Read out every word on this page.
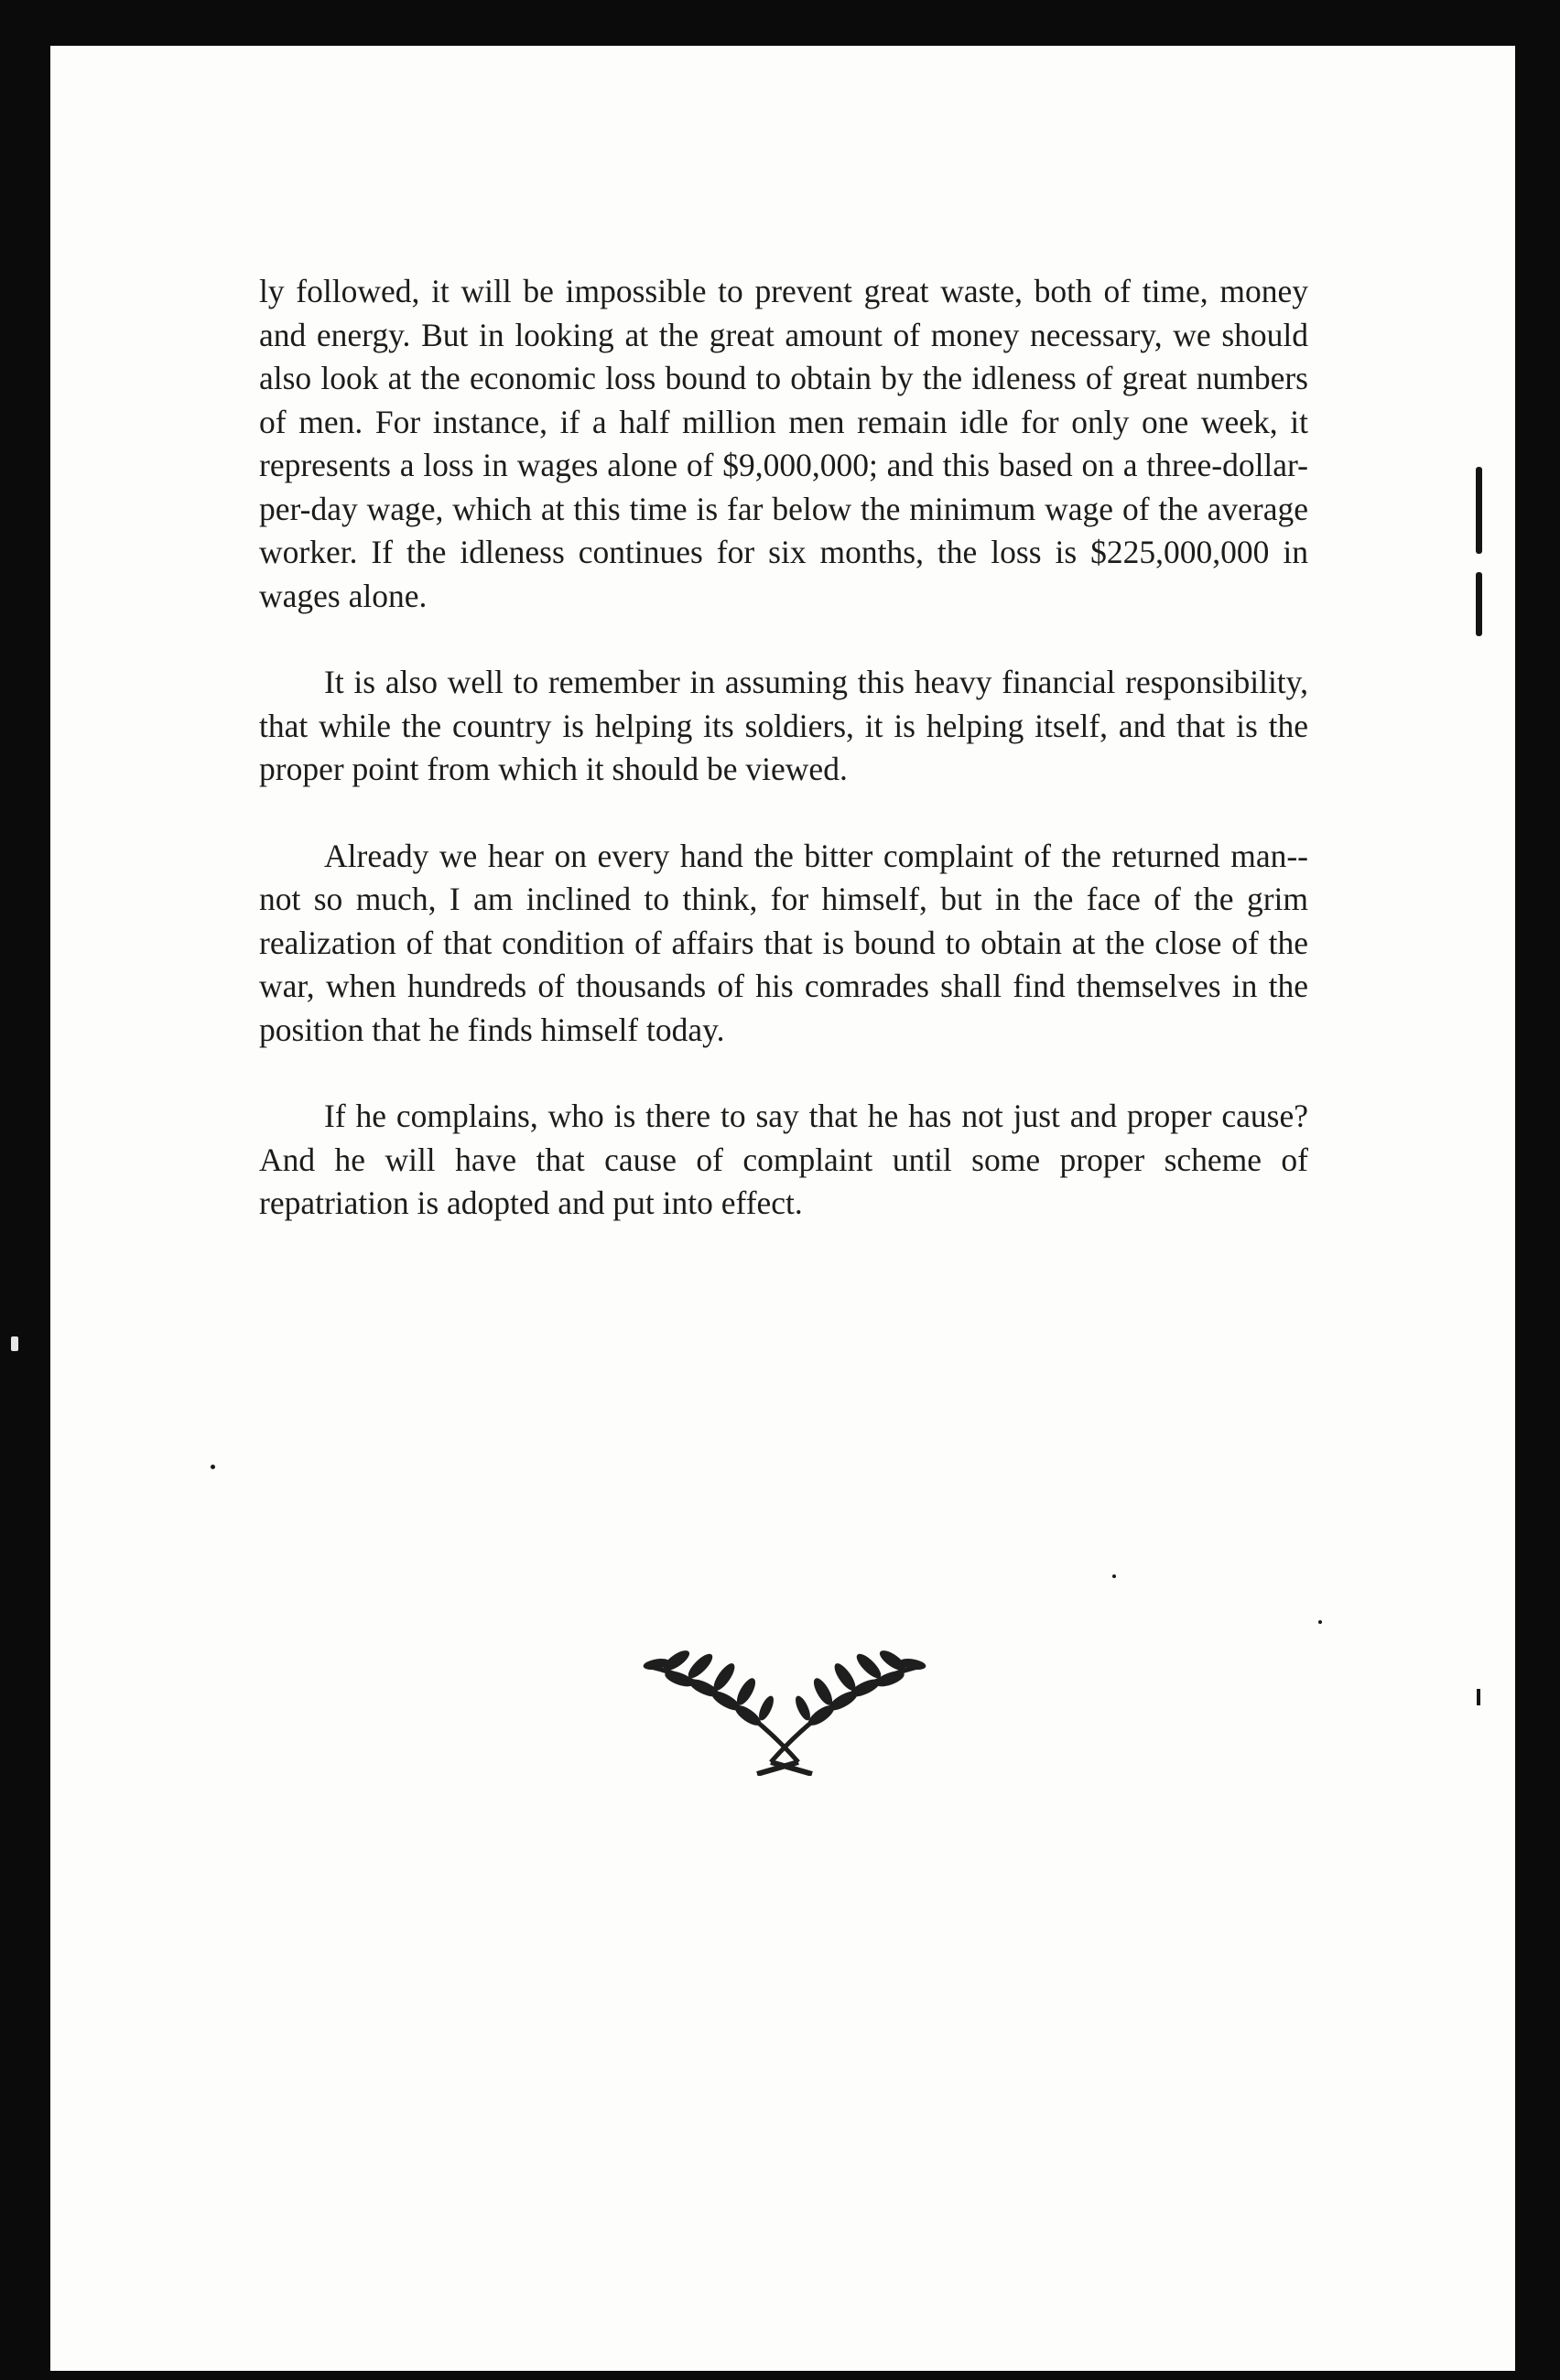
ly followed, it will be impossible to prevent great waste, both of time, money and energy. But in looking at the great amount of money necessary, we should also look at the economic loss bound to obtain by the idleness of great numbers of men. For instance, if a half million men remain idle for only one week, it represents a loss in wages alone of $9,000,000; and this based on a three-dollar-per-day wage, which at this time is far below the minimum wage of the average worker. If the idleness continues for six months, the loss is $225,000,000 in wages alone.

It is also well to remember in assuming this heavy financial responsibility, that while the country is helping its soldiers, it is helping itself, and that is the proper point from which it should be viewed.

Already we hear on every hand the bitter complaint of the returned man--not so much, I am inclined to think, for himself, but in the face of the grim realization of that condition of affairs that is bound to obtain at the close of the war, when hundreds of thousands of his comrades shall find themselves in the position that he finds himself today.

If he complains, who is there to say that he has not just and proper cause? And he will have that cause of complaint until some proper scheme of repatriation is adopted and put into effect.
